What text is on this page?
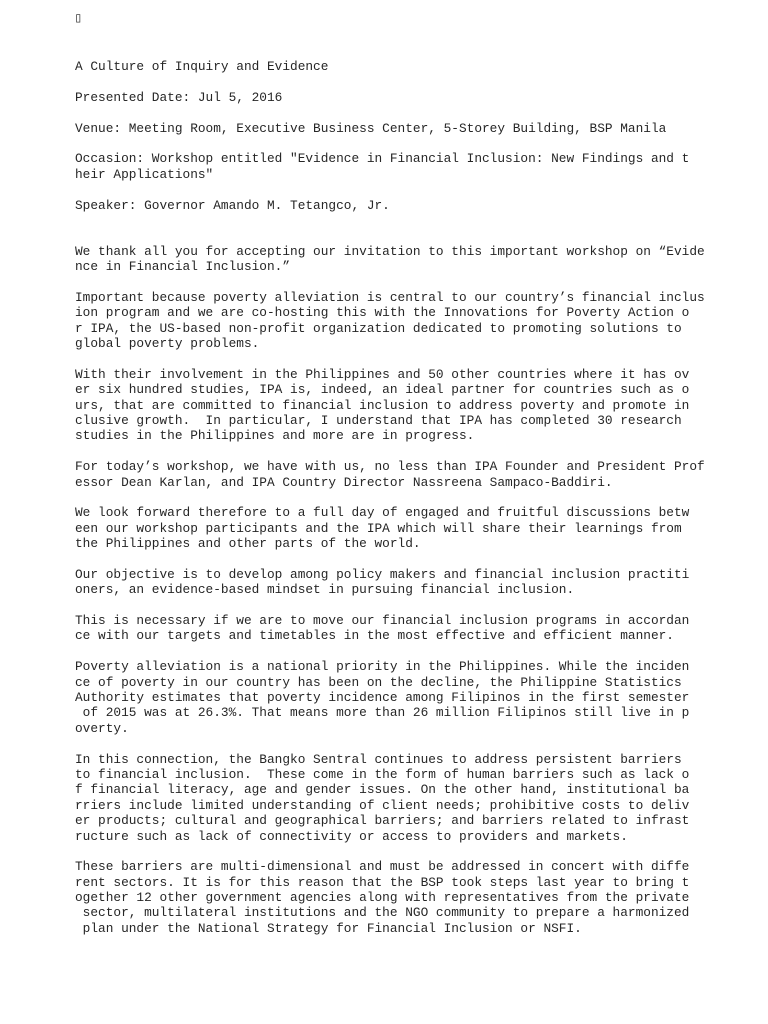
▯
A Culture of Inquiry and Evidence
Presented Date: Jul 5, 2016
Venue: Meeting Room, Executive Business Center, 5-Storey Building, BSP Manila
Occasion: Workshop entitled "Evidence in Financial Inclusion: New Findings and t
heir Applications"
Speaker: Governor Amando M. Tetangco, Jr.
We thank all you for accepting our invitation to this important workshop on “Evide
nce in Financial Inclusion.”
Important because poverty alleviation is central to our country’s financial inclus
ion program and we are co-hosting this with the Innovations for Poverty Action o
r IPA, the US-based non-profit organization dedicated to promoting solutions to
global poverty problems.
With their involvement in the Philippines and 50 other countries where it has ov
er six hundred studies, IPA is, indeed, an ideal partner for countries such as o
urs, that are committed to financial inclusion to address poverty and promote in
clusive growth.  In particular, I understand that IPA has completed 30 research
studies in the Philippines and more are in progress.
For today’s workshop, we have with us, no less than IPA Founder and President Prof
essor Dean Karlan, and IPA Country Director Nassreena Sampaco-Baddiri.
We look forward therefore to a full day of engaged and fruitful discussions betw
een our workshop participants and the IPA which will share their learnings from
the Philippines and other parts of the world.
Our objective is to develop among policy makers and financial inclusion practiti
oners, an evidence-based mindset in pursuing financial inclusion.
This is necessary if we are to move our financial inclusion programs in accordan
ce with our targets and timetables in the most effective and efficient manner.
Poverty alleviation is a national priority in the Philippines. While the inciden
ce of poverty in our country has been on the decline, the Philippine Statistics
Authority estimates that poverty incidence among Filipinos in the first semester
of 2015 was at 26.3%. That means more than 26 million Filipinos still live in p
overty.
In this connection, the Bangko Sentral continues to address persistent barriers
to financial inclusion.  These come in the form of human barriers such as lack o
f financial literacy, age and gender issues. On the other hand, institutional ba
rriers include limited understanding of client needs; prohibitive costs to deliv
er products; cultural and geographical barriers; and barriers related to infrast
ructure such as lack of connectivity or access to providers and markets.
These barriers are multi-dimensional and must be addressed in concert with diffe
rent sectors. It is for this reason that the BSP took steps last year to bring t
ogether 12 other government agencies along with representatives from the private
sector, multilateral institutions and the NGO community to prepare a harmonized
plan under the National Strategy for Financial Inclusion or NSFI.
